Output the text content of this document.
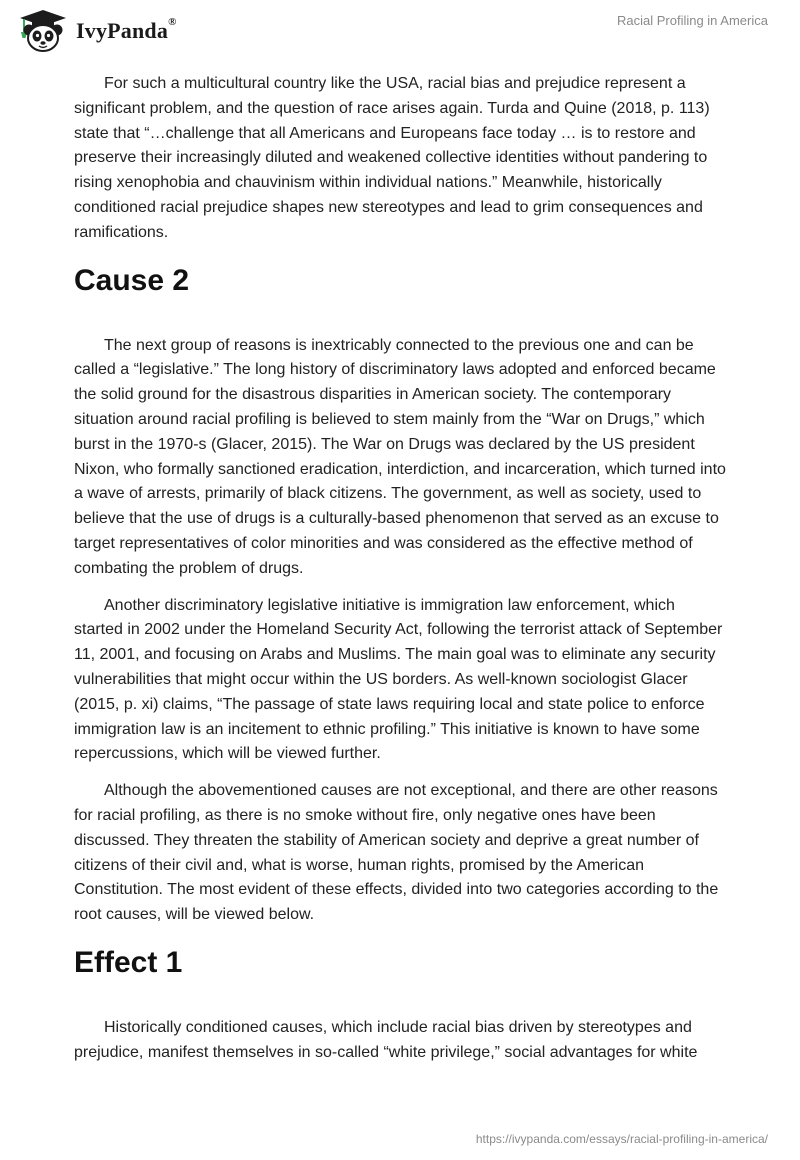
IvyPanda®	Racial Profiling in America

For such a multicultural country like the USA, racial bias and prejudice represent a significant problem, and the question of race arises again. Turda and Quine (2018, p. 113) state that “…challenge that all Americans and Europeans face today … is to restore and preserve their increasingly diluted and weakened collective identities without pandering to rising xenophobia and chauvinism within individual nations.” Meanwhile, historically conditioned racial prejudice shapes new stereotypes and lead to grim consequences and ramifications.

Cause 2

The next group of reasons is inextricably connected to the previous one and can be called a “legislative.” The long history of discriminatory laws adopted and enforced became the solid ground for the disastrous disparities in American society. The contemporary situation around racial profiling is believed to stem mainly from the “War on Drugs,” which burst in the 1970-s (Glacer, 2015). The War on Drugs was declared by the US president Nixon, who formally sanctioned eradication, interdiction, and incarceration, which turned into a wave of arrests, primarily of black citizens. The government, as well as society, used to believe that the use of drugs is a culturally-based phenomenon that served as an excuse to target representatives of color minorities and was considered as the effective method of combating the problem of drugs.

Another discriminatory legislative initiative is immigration law enforcement, which started in 2002 under the Homeland Security Act, following the terrorist attack of September 11, 2001, and focusing on Arabs and Muslims. The main goal was to eliminate any security vulnerabilities that might occur within the US borders. As well-known sociologist Glacer (2015, p. xi) claims, “The passage of state laws requiring local and state police to enforce immigration law is an incitement to ethnic profiling.” This initiative is known to have some repercussions, which will be viewed further.

Although the abovementioned causes are not exceptional, and there are other reasons for racial profiling, as there is no smoke without fire, only negative ones have been discussed. They threaten the stability of American society and deprive a great number of citizens of their civil and, what is worse, human rights, promised by the American Constitution. The most evident of these effects, divided into two categories according to the root causes, will be viewed below.

Effect 1

Historically conditioned causes, which include racial bias driven by stereotypes and prejudice, manifest themselves in so-called “white privilege,” social advantages for white

https://ivypanda.com/essays/racial-profiling-in-america/
